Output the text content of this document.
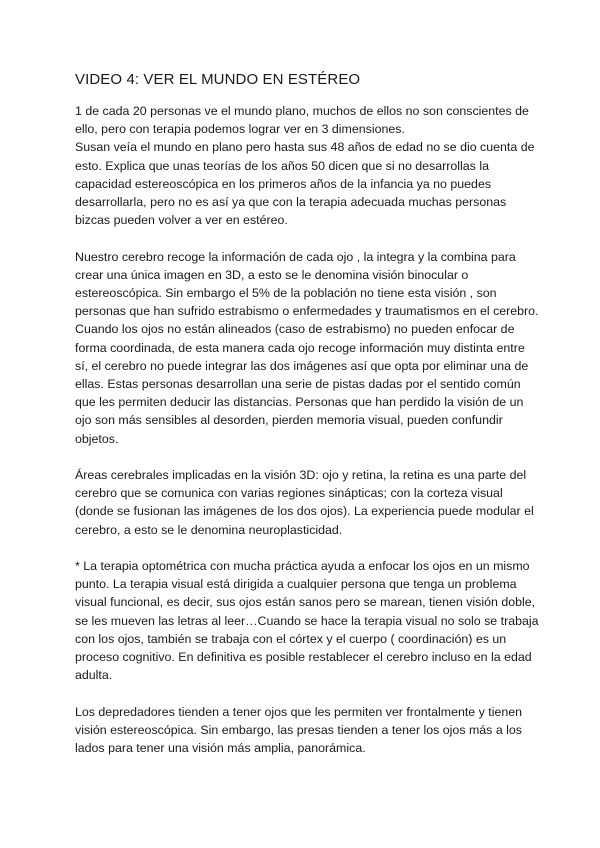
VIDEO 4: VER EL MUNDO EN ESTÉREO

1 de cada 20 personas ve el mundo plano, muchos de ellos no son conscientes de
ello, pero con terapia podemos lograr ver en 3 dimensiones.
Susan veía el mundo en plano pero hasta sus 48 años de edad no se dio cuenta de
esto. Explica que unas teorías de los años 50 dicen que si no desarrollas la
capacidad estereoscópica en los primeros años de la infancia ya no puedes
desarrollarla, pero no es así ya que con la terapia adecuada muchas personas
bizcas pueden volver a ver en estéreo.

Nuestro cerebro recoge la información de cada ojo , la integra y la combina para
crear una única imagen en 3D, a esto se le denomina visión binocular o
estereoscópica. Sin embargo el 5% de la población no tiene esta visión , son
personas que han sufrido estrabismo o enfermedades y traumatismos en el cerebro.
Cuando los ojos no están alineados (caso de estrabismo) no pueden enfocar de
forma coordinada, de esta manera cada ojo recoge información muy distinta entre
sí, el cerebro no puede integrar las dos imágenes así que opta por eliminar una de
ellas. Estas personas desarrollan una serie de pistas dadas por el sentido común
que les permiten deducir las distancias. Personas que han perdido la visión de un
ojo son más sensibles al desorden, pierden memoria visual, pueden confundir
objetos.

Áreas cerebrales implicadas en la visión 3D: ojo y retina, la retina es una parte del
cerebro que se comunica con varias regiones sinápticas; con la corteza visual
(donde se fusionan las imágenes de los dos ojos). La experiencia puede modular el
cerebro, a esto se le denomina neuroplasticidad.

* La terapia optométrica con mucha práctica ayuda a enfocar los ojos en un mismo
punto. La terapia visual está dirigida a cualquier persona que tenga un problema
visual funcional, es decir, sus ojos están sanos pero se marean, tienen visión doble,
se les mueven las letras al leer…Cuando se hace la terapia visual no solo se trabaja
con los ojos, también se trabaja con el córtex y el cuerpo ( coordinación) es un
proceso cognitivo. En definitiva es posible restablecer el cerebro incluso en la edad
adulta.

Los depredadores tienden a tener ojos que les permiten ver frontalmente y tienen
visión estereoscópica. Sin embargo, las presas tienden a tener los ojos más a los
lados para tener una visión más amplia, panorámica.
